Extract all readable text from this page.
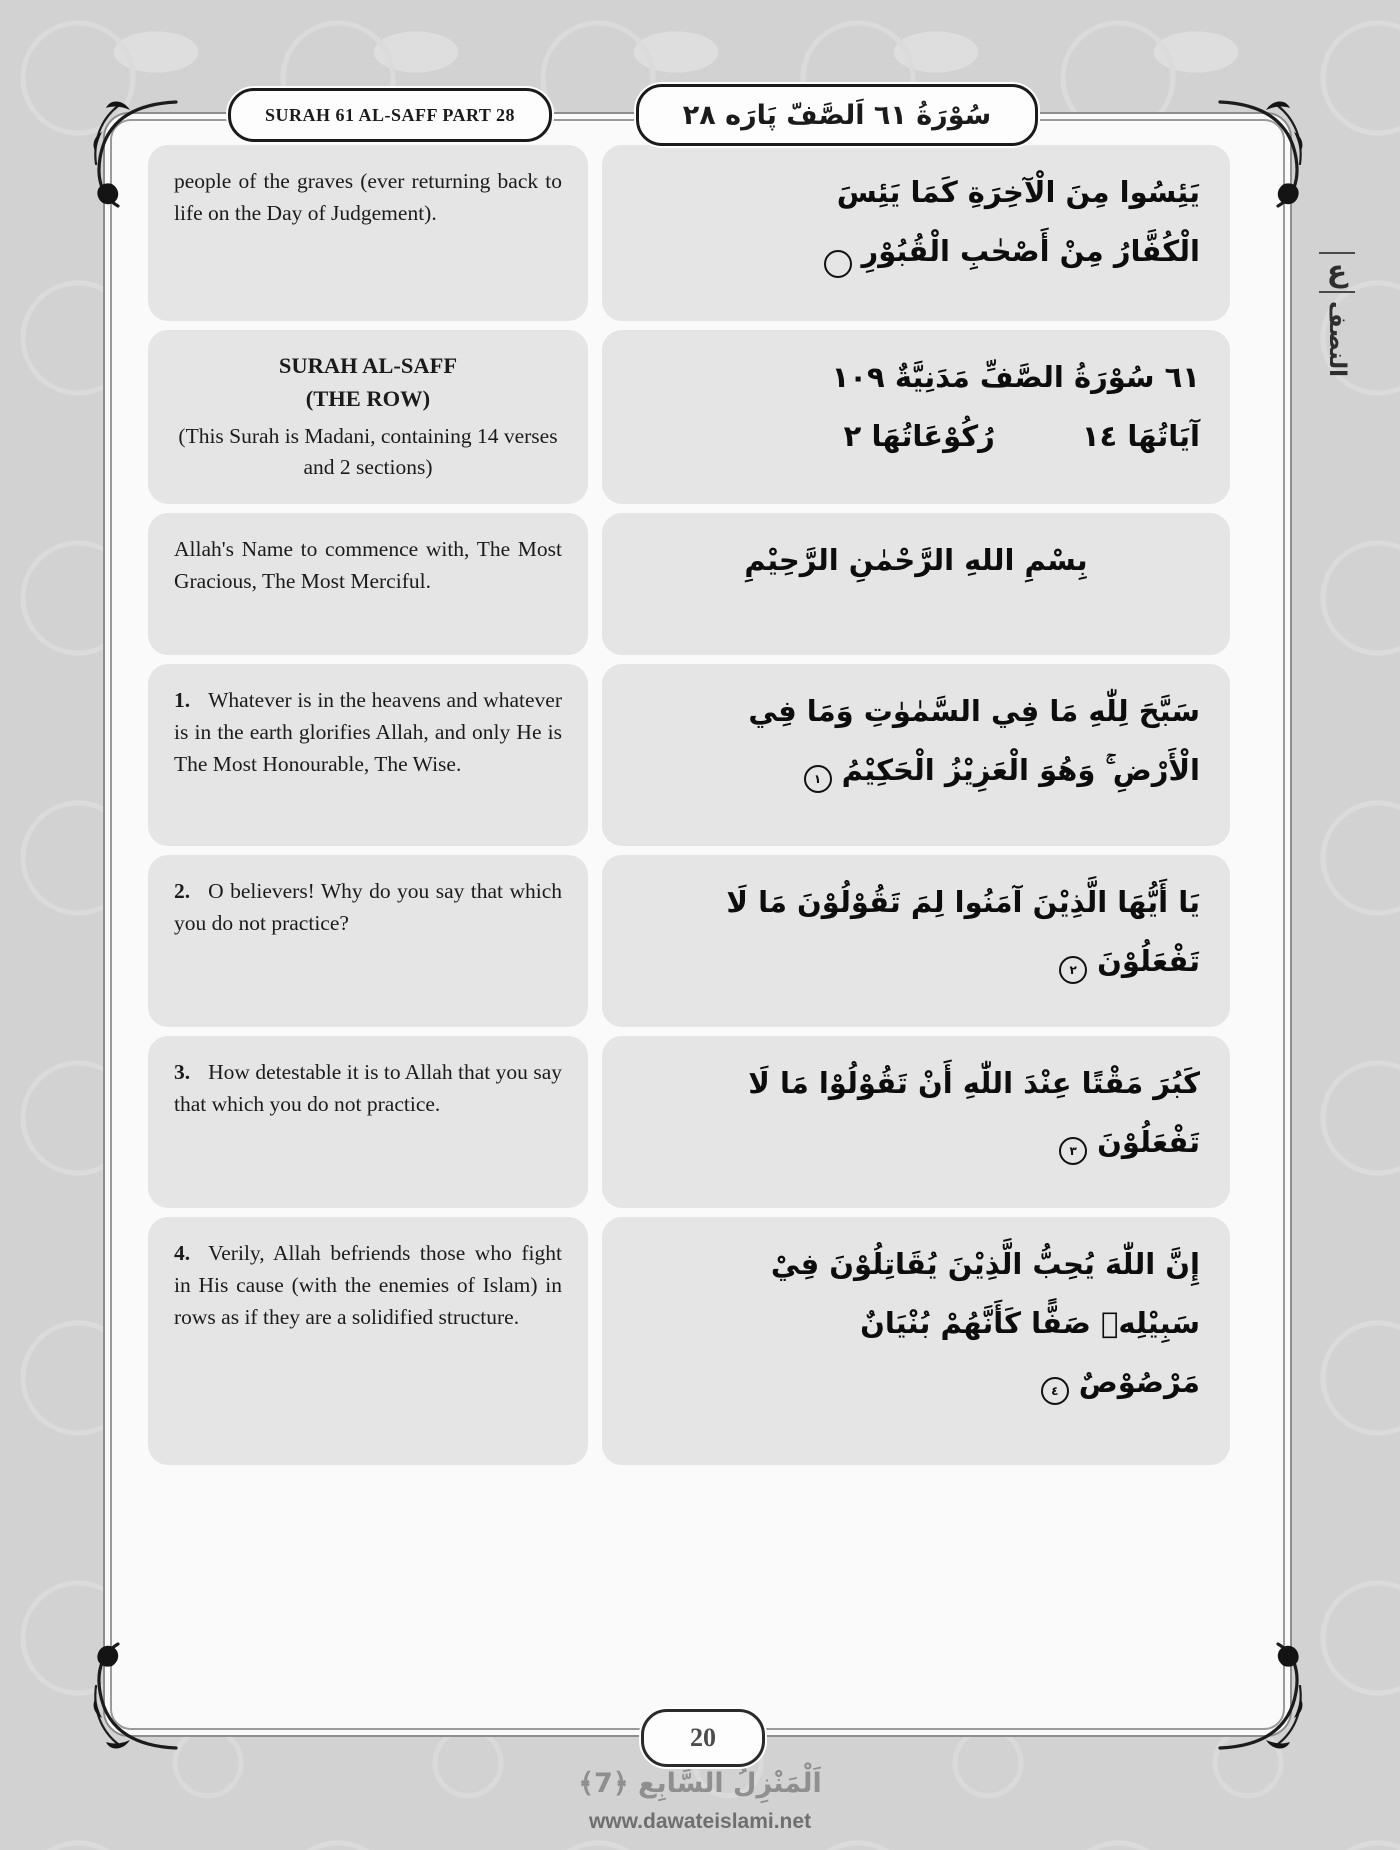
SURAH 61 AL-SAFF PART 28	سُوْرَةُ ٦١ اَلصَّفّ پَارَه ٢٨
people of the graves (ever returning back to life on the Day of Judgement).
يَئِسُوا مِنَ الْآخِرَةِ كَمَا يَئِسَ
الْكُفَّارُ مِنْ أَصْحٰبِ الْقُبُوْرِ
SURAH AL-SAFF
(THE ROW)
(This Surah is Madani, containing 14 verses and 2 sections)
٦١ سُوْرَةُ الصَّفِّ مَدَنِيَّةٌ ١٠٩
آيَاتُهَا ١٤   رُكُوْعَاتُهَا ٢
Allah's Name to commence with, The Most Gracious, The Most Merciful.
بِسْمِ اللهِ الرَّحْمٰنِ الرَّحِيْمِ
1. Whatever is in the heavens and whatever is in the earth glorifies Allah, and only He is The Most Honourable, The Wise.
سَبَّحَ لِلّٰهِ مَا فِي السَّمٰوٰتِ وَمَا فِي
الْأَرْضِ ۚ وَهُوَ الْعَزِيْزُ الْحَكِيْمُ
١
2. O believers! Why do you say that which you do not practice?
يَا أَيُّهَا الَّذِيْنَ آمَنُوا لِمَ تَقُوْلُوْنَ مَا لَا
تَفْعَلُوْنَ
٢
3. How detestable it is to Allah that you say that which you do not practice.
كَبُرَ مَقْتًا عِنْدَ اللّٰهِ أَنْ تَقُوْلُوْا مَا لَا
تَفْعَلُوْنَ
٣
4. Verily, Allah befriends those who fight in His cause (with the enemies of Islam) in rows as if they are a solidified structure.
إِنَّ اللّٰهَ يُحِبُّ الَّذِيْنَ يُقَاتِلُوْنَ فِيْ
سَبِيْلِهٖ صَفًّا كَأَنَّهُمْ بُنْيَانٌ
مَرْصُوْصٌ
٤
ع
النصف
20
اَلْمَنْزِلُ السَّابِع ﴿7﴾
www.dawateislami.net
